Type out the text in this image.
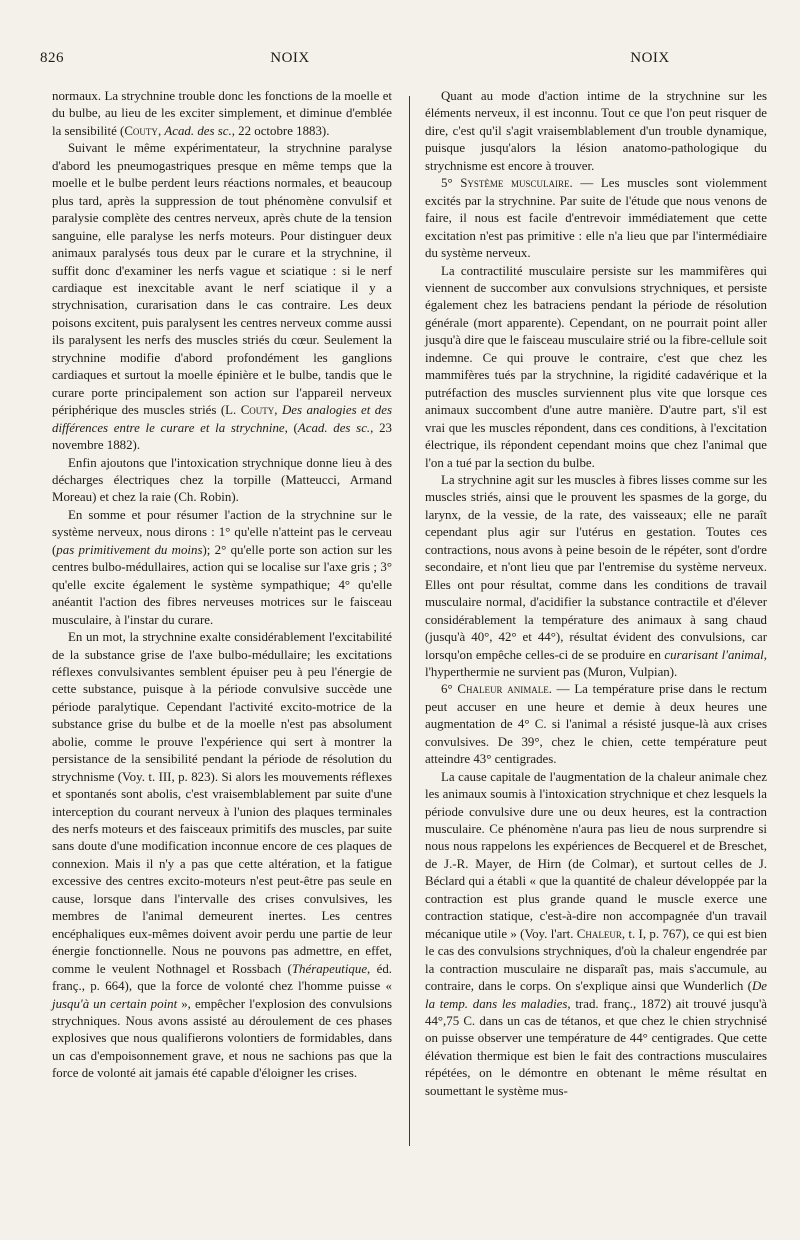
826	NOIX	NOIX

normaux. La strychnine trouble donc les fonctions de la moelle et du bulbe, au lieu de les exciter simplement, et diminue d'emblée la sensibilité (Couty, Acad. des sc., 22 octobre 1883).

Suivant le même expérimentateur, la strychnine paralyse d'abord les pneumogastriques presque en même temps que la moelle et le bulbe perdent leurs réactions normales, et beaucoup plus tard, après la suppression de tout phénomène convulsif et paralysie complète des centres nerveux, après chute de la tension sanguine, elle paralyse les nerfs moteurs. Pour distinguer deux animaux paralysés tous deux par le curare et la strychnine, il suffit donc d'examiner les nerfs vague et sciatique : si le nerf cardiaque est inexcitable avant le nerf sciatique il y a strychnisation, curarisation dans le cas contraire. Les deux poisons excitent, puis paralysent les centres nerveux comme aussi ils paralysent les nerfs des muscles striés du cœur. Seulement la strychnine modifie d'abord profondément les ganglions cardiaques et surtout la moelle épinière et le bulbe, tandis que le curare porte principalement son action sur l'appareil nerveux périphérique des muscles striés (L. Couty, Des analogies et des différences entre le curare et la strychnine, (Acad. des sc., 23 novembre 1882).

Enfin ajoutons que l'intoxication strychnique donne lieu à des décharges électriques chez la torpille (Matteucci, Armand Moreau) et chez la raie (Ch. Robin).

En somme et pour résumer l'action de la strychnine sur le système nerveux, nous dirons : 1° qu'elle n'atteint pas le cerveau (pas primitivement du moins); 2° qu'elle porte son action sur les centres bulbo-médullaires, action qui se localise sur l'axe gris ; 3° qu'elle excite également le système sympathique; 4° qu'elle anéantit l'action des fibres nerveuses motrices sur le faisceau musculaire, à l'instar du curare.

En un mot, la strychnine exalte considérablement l'excitabilité de la substance grise de l'axe bulbo-médullaire; les excitations réflexes convulsivantes semblent épuiser peu à peu l'énergie de cette substance, puisque à la période convulsive succède une période paralytique. Cependant l'activité excito-motrice de la substance grise du bulbe et de la moelle n'est pas absolument abolie, comme le prouve l'expérience qui sert à montrer la persistance de la sensibilité pendant la période de résolution du strychnisme (Voy. t. III, p. 823). Si alors les mouvements réflexes et spontanés sont abolis, c'est vraisemblablement par suite d'une interception du courant nerveux à l'union des plaques terminales des nerfs moteurs et des faisceaux primitifs des muscles, par suite sans doute d'une modification inconnue encore de ces plaques de connexion. Mais il n'y a pas que cette altération, et la fatigue excessive des centres excito-moteurs n'est peut-être pas seule en cause, lorsque dans l'intervalle des crises convulsives, les membres de l'animal demeurent inertes. Les centres encéphaliques eux-mêmes doivent avoir perdu une partie de leur énergie fonctionnelle. Nous ne pouvons pas admettre, en effet, comme le veulent Nothnagel et Rossbach (Thérapeutique, éd. franç., p. 664), que la force de volonté chez l'homme puisse « jusqu'à un certain point », empêcher l'explosion des convulsions strychniques. Nous avons assisté au déroulement de ces phases explosives que nous qualifierons volontiers de formidables, dans un cas d'empoisonnement grave, et nous ne sachions pas que la force de volonté ait jamais été capable d'éloigner les crises.

Quant au mode d'action intime de la strychnine sur les éléments nerveux, il est inconnu. Tout ce que l'on peut risquer de dire, c'est qu'il s'agit vraisemblablement d'un trouble dynamique, puisque jusqu'alors la lésion anatomo-pathologique du strychnisme est encore à trouver.

5° Système musculaire. — Les muscles sont violemment excités par la strychnine. Par suite de l'étude que nous venons de faire, il nous est facile d'entrevoir immédiatement que cette excitation n'est pas primitive : elle n'a lieu que par l'intermédiaire du système nerveux.

La contractilité musculaire persiste sur les mammifères qui viennent de succomber aux convulsions strychniques, et persiste également chez les batraciens pendant la période de résolution générale (mort apparente). Cependant, on ne pourrait point aller jusqu'à dire que le faisceau musculaire strié ou la fibre-cellule soit indemne. Ce qui prouve le contraire, c'est que chez les mammifères tués par la strychnine, la rigidité cadavérique et la putréfaction des muscles surviennent plus vite que lorsque ces animaux succombent d'une autre manière. D'autre part, s'il est vrai que les muscles répondent, dans ces conditions, à l'excitation électrique, ils répondent cependant moins que chez l'animal que l'on a tué par la section du bulbe.

La strychnine agit sur les muscles à fibres lisses comme sur les muscles striés, ainsi que le prouvent les spasmes de la gorge, du larynx, de la vessie, de la rate, des vaisseaux; elle ne paraît cependant plus agir sur l'utérus en gestation. Toutes ces contractions, nous avons à peine besoin de le répéter, sont d'ordre secondaire, et n'ont lieu que par l'entremise du système nerveux. Elles ont pour résultat, comme dans les conditions de travail musculaire normal, d'acidifier la substance contractile et d'élever considérablement la température des animaux à sang chaud (jusqu'à 40°, 42° et 44°), résultat évident des convulsions, car lorsqu'on empêche celles-ci de se produire en curarisant l'animal, l'hyperthermie ne survient pas (Muron, Vulpian).

6° Chaleur animale. — La température prise dans le rectum peut accuser en une heure et demie à deux heures une augmentation de 4° C. si l'animal a résisté jusque-là aux crises convulsives. De 39°, chez le chien, cette température peut atteindre 43° centigrades.

La cause capitale de l'augmentation de la chaleur animale chez les animaux soumis à l'intoxication strychnique et chez lesquels la période convulsive dure une ou deux heures, est la contraction musculaire. Ce phénomène n'aura pas lieu de nous surprendre si nous nous rappelons les expériences de Becquerel et de Breschet, de J.-R. Mayer, de Hirn (de Colmar), et surtout celles de J. Béclard qui a établi « que la quantité de chaleur développée par la contraction est plus grande quand le muscle exerce une contraction statique, c'est-à-dire non accompagnée d'un travail mécanique utile » (Voy. l'art. Chaleur, t. I, p. 767), ce qui est bien le cas des convulsions strychniques, d'où la chaleur engendrée par la contraction musculaire ne disparaît pas, mais s'accumule, au contraire, dans le corps. On s'explique ainsi que Wunderlich (De la temp. dans les maladies, trad. franç., 1872) ait trouvé jusqu'à 44°,75 C. dans un cas de tétanos, et que chez le chien strychnisé on puisse observer une température de 44° centigrades. Que cette élévation thermique est bien le fait des contractions musculaires répétées, on le démontre en obtenant le même résultat en soumettant le système mus-
